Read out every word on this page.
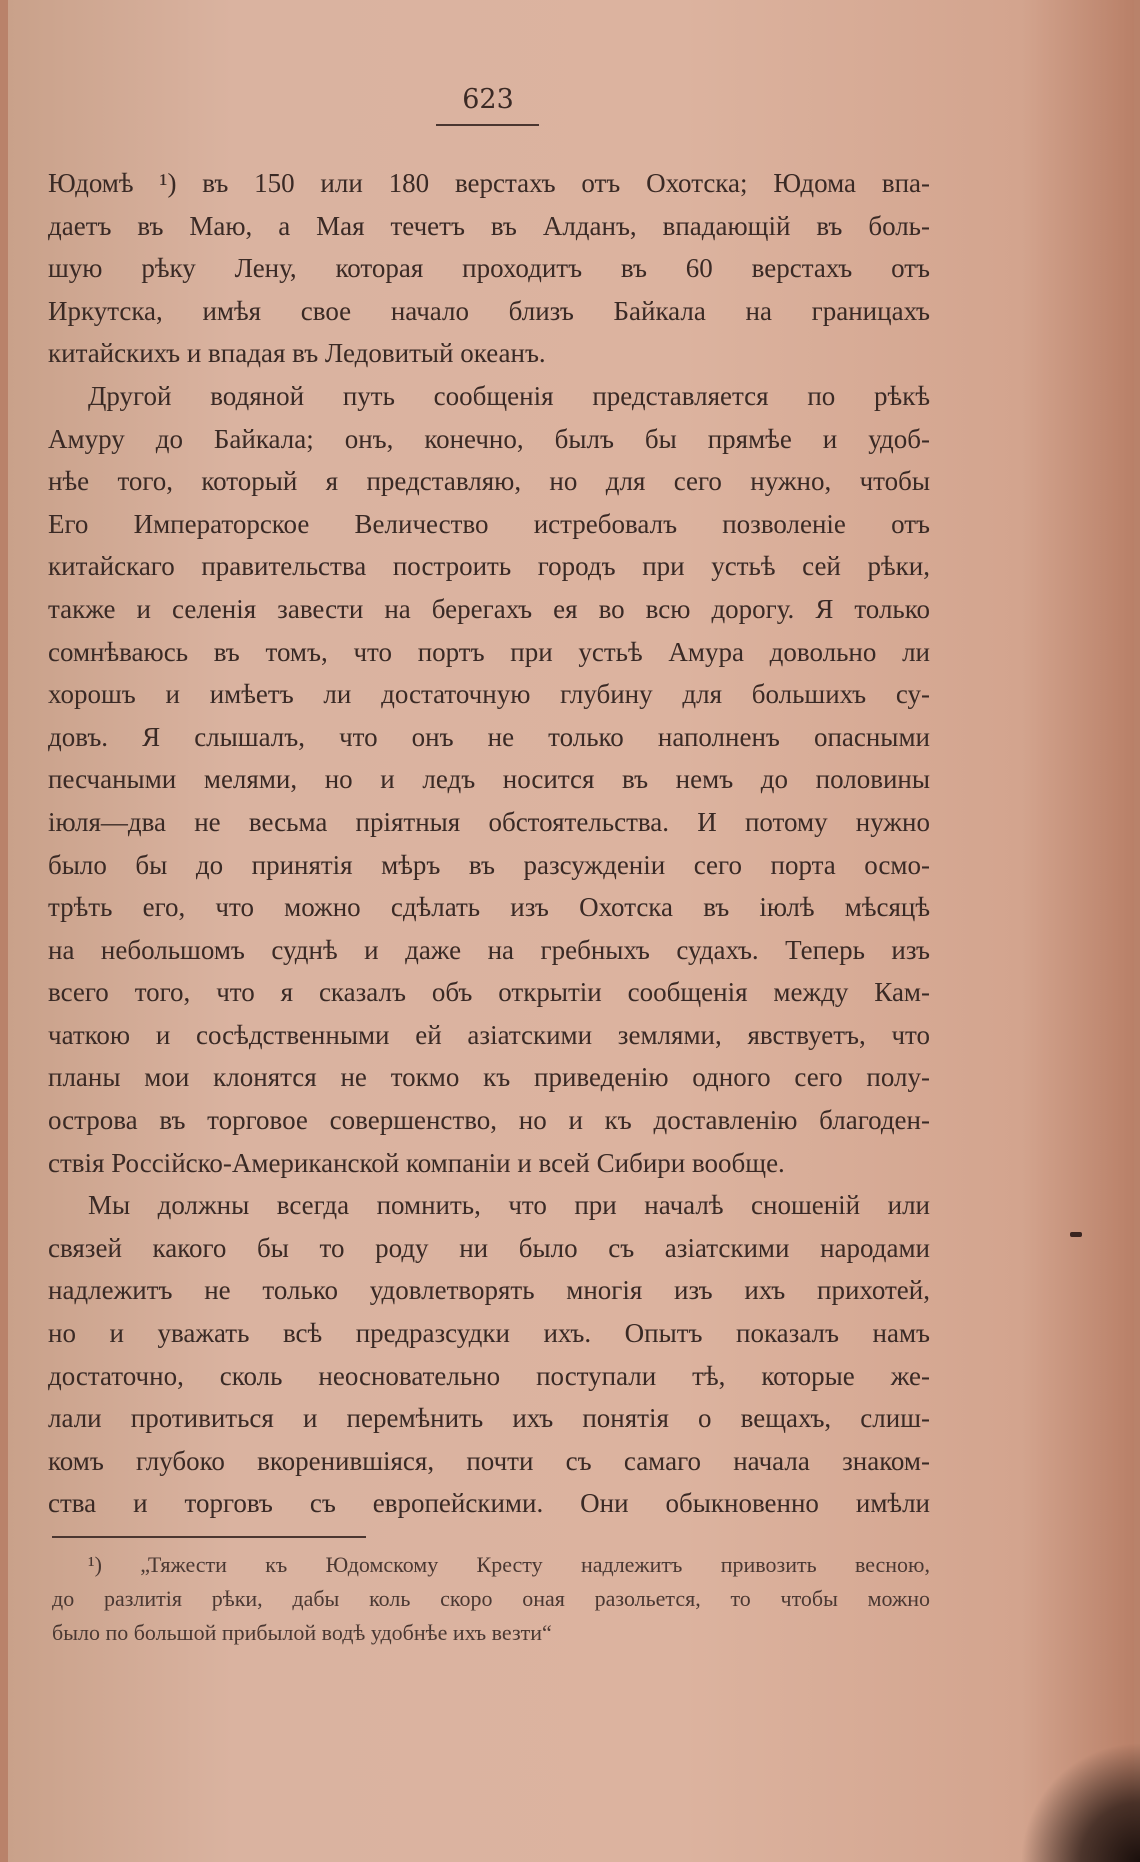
623
Юдомѣ ¹) въ 150 или 180 верстахъ отъ Охотска; Юдома впа-
даетъ въ Маю, а Мая течетъ въ Алданъ, впадающій въ боль-
шую рѣку Лену, которая проходитъ въ 60 верстахъ отъ
Иркутска, имѣя свое начало близъ Байкала на границахъ
китайскихъ и впадая въ Ледовитый океанъ.
Другой водяной путь сообщенія представляется по рѣкѣ
Амуру до Байкала; онъ, конечно, былъ бы прямѣе и удоб-
нѣе того, который я представляю, но для сего нужно, чтобы
Его Императорское Величество истребовалъ позволеніе отъ
китайскаго правительства построить городъ при устьѣ сей рѣки,
также и селенія завести на берегахъ ея во всю дорогу. Я только
сомнѣваюсь въ томъ, что портъ при устьѣ Амура довольно ли
хорошъ и имѣетъ ли достаточную глубину для большихъ су-
довъ. Я слышалъ, что онъ не только наполненъ опасными
песчаными мелями, но и ледъ носится въ немъ до половины
іюля—два не весьма пріятныя обстоятельства. И потому нужно
было бы до принятія мѣръ въ разсужденіи сего порта осмо-
трѣть его, что можно сдѣлать изъ Охотска въ іюлѣ мѣсяцѣ
на небольшомъ суднѣ и даже на гребныхъ судахъ. Теперь изъ
всего того, что я сказалъ объ открытіи сообщенія между Кам-
чаткою и сосѣдственными ей азіатскими землями, явствуетъ, что
планы мои клонятся не токмо къ приведенію одного сего полу-
острова въ торговое совершенство, но и къ доставленію благоден-
ствія Россійско-Американской компаніи и всей Сибири вообще.
Мы должны всегда помнить, что при началѣ сношеній или
связей какого бы то роду ни было съ азіатскими народами
надлежитъ не только удовлетворять многія изъ ихъ прихотей,
но и уважать всѣ предразсудки ихъ. Опытъ показалъ намъ
достаточно, сколь неосновательно поступали тѣ, которые же-
лали противиться и перемѣнить ихъ понятія о вещахъ, слиш-
комъ глубоко вкоренившіяся, почти съ самаго начала знаком-
ства и торговъ съ европейскими. Они обыкновенно имѣли
¹) „Тяжести къ Юдомскому Кресту надлежитъ привозить весною,
до разлитія рѣки, дабы коль скоро оная разольется, то чтобы можно
было по большой прибылой водѣ удобнѣе ихъ везти“
